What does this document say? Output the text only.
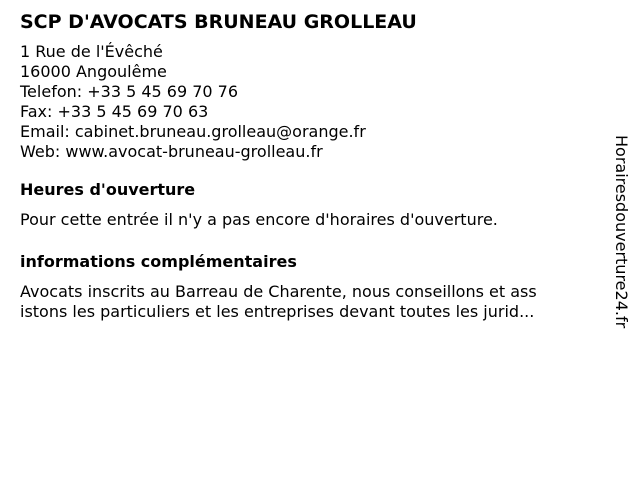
SCP D'AVOCATS BRUNEAU GROLLEAU
1 Rue de l'Évêché
16000 Angoulême
Telefon: +33 5 45 69 70 76
Fax: +33 5 45 69 70 63
Email: cabinet.bruneau.grolleau@orange.fr
Web: www.avocat-bruneau-grolleau.fr
Heures d'ouverture
Pour cette entrée il n'y a pas encore d'horaires d'ouverture.
informations complémentaires
Avocats inscrits au Barreau de Charente, nous conseillons et ass
istons les particuliers et les entreprises devant toutes les jurid...	Horairesdouverture24.fr
